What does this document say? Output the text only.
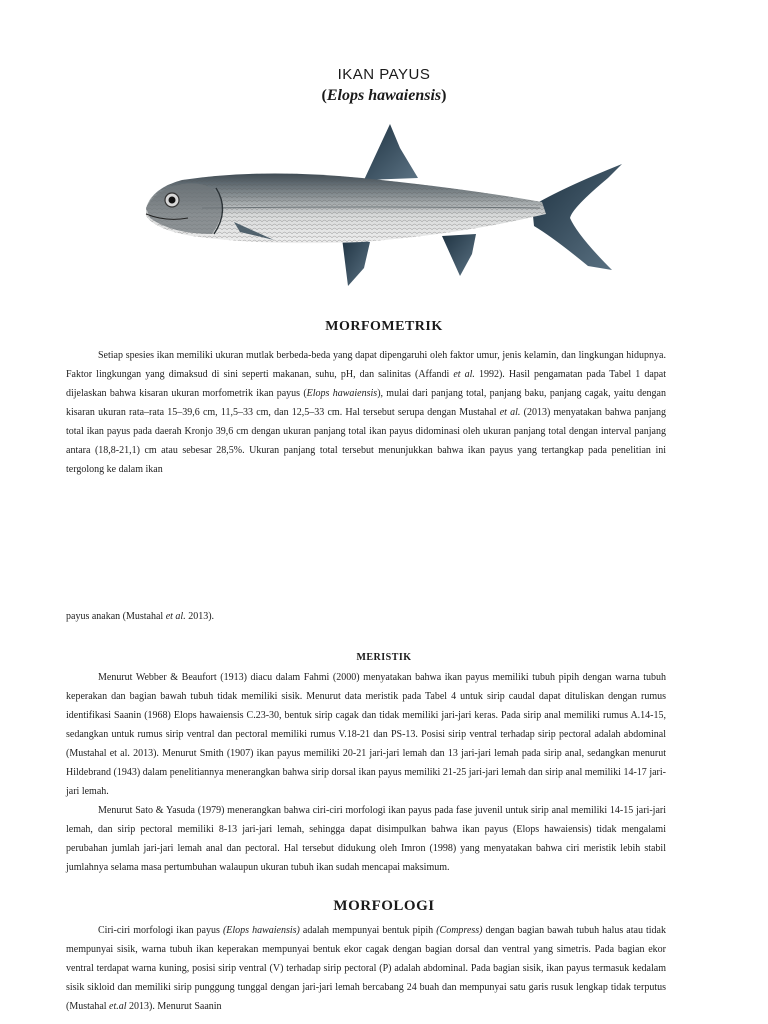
IKAN PAYUS
(Elops hawaiensis)
MORFOMETRIK
Setiap spesies ikan memiliki ukuran mutlak berbeda-beda yang dapat dipengaruhi oleh faktor umur, jenis kelamin, dan lingkungan hidupnya. Faktor lingkungan yang dimaksud di sini seperti makanan, suhu, pH, dan salinitas (Affandi et al. 1992). Hasil pengamatan pada Tabel 1 dapat dijelaskan bahwa kisaran ukuran morfometrik ikan payus (Elops hawaiensis), mulai dari panjang total, panjang baku, panjang cagak, yaitu dengan kisaran ukuran rata–rata 15–39,6 cm, 11,5–33 cm, dan 12,5–33 cm. Hal tersebut serupa dengan Mustahal et al. (2013) menyatakan bahwa panjang total ikan payus pada daerah Kronjo 39,6 cm dengan ukuran panjang total ikan payus didominasi oleh ukuran panjang total dengan interval panjang antara (18,8-21,1) cm atau sebesar 28,5%. Ukuran panjang total tersebut menunjukkan bahwa ikan payus yang tertangkap pada penelitian ini tergolong ke dalam ikan
payus anakan (Mustahal et al. 2013).
MERISTIK
Menurut Webber & Beaufort (1913) diacu dalam Fahmi (2000) menyatakan bahwa ikan payus memiliki tubuh pipih dengan warna tubuh keperakan dan bagian bawah tubuh tidak memiliki sisik. Menurut data meristik pada Tabel 4 untuk sirip caudal dapat dituliskan dengan rumus identifikasi Saanin (1968) Elops hawaiensis C.23-30, bentuk sirip cagak dan tidak memiliki jari-jari keras. Pada sirip anal memiliki rumus A.14-15, sedangkan untuk rumus sirip ventral dan pectoral memiliki rumus V.18-21 dan PS-13. Posisi sirip ventral terhadap sirip pectoral adalah abdominal (Mustahal et al. 2013). Menurut Smith (1907) ikan payus memiliki 20-21 jari-jari lemah dan 13 jari-jari lemah pada sirip anal, sedangkan menurut Hildebrand (1943) dalam penelitiannya menerangkan bahwa sirip dorsal ikan payus memiliki 21-25 jari-jari lemah dan sirip anal memiliki 14-17 jari-jari lemah.
Menurut Sato & Yasuda (1979) menerangkan bahwa ciri-ciri morfologi ikan payus pada fase juvenil untuk sirip anal memiliki 14-15 jari-jari lemah, dan sirip pectoral memiliki 8-13 jari-jari lemah, sehingga dapat disimpulkan bahwa ikan payus (Elops hawaiensis) tidak mengalami perubahan jumlah jari-jari lemah anal dan pectoral. Hal tersebut didukung oleh Imron (1998) yang menyatakan bahwa ciri meristik lebih stabil jumlahnya selama masa pertumbuhan walaupun ukuran tubuh ikan sudah mencapai maksimum.
MORFOLOGI
Ciri-ciri morfologi ikan payus (Elops hawaiensis) adalah mempunyai bentuk pipih (Compress) dengan bagian bawah tubuh halus atau tidak mempunyai sisik, warna tubuh ikan keperakan mempunyai bentuk ekor cagak dengan bagian dorsal dan ventral yang simetris. Pada bagian ekor ventral terdapat warna kuning, posisi sirip ventral (V) terhadap sirip pectoral (P) adalah abdominal. Pada bagian sisik, ikan payus termasuk kedalam sisik sikloid dan memiliki sirip punggung tunggal dengan jari-jari lemah bercabang 24 buah dan mempunyai satu garis rusuk lengkap tidak terputus (Mustahal et.al 2013). Menurut Saanin
